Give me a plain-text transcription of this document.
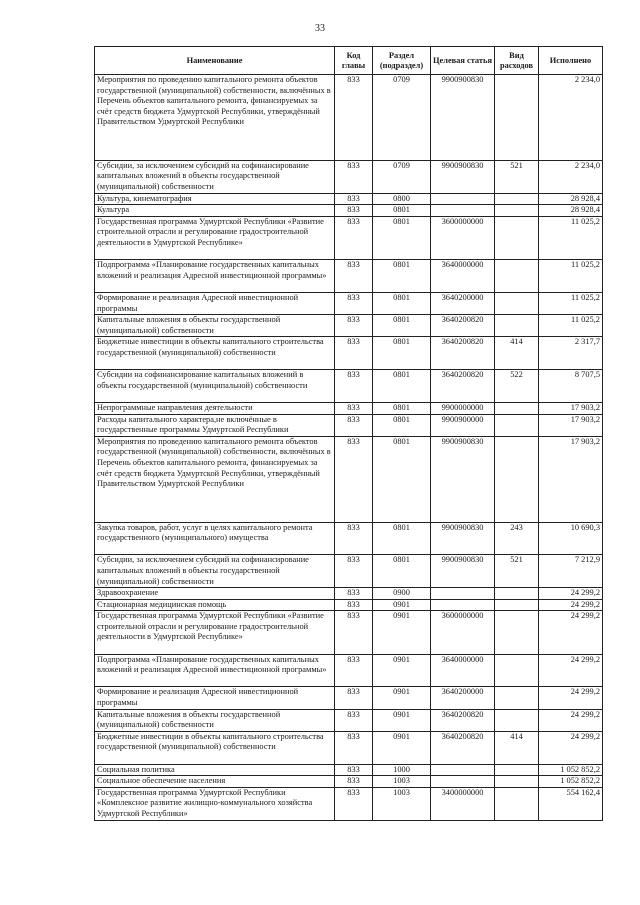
33
Наименование	Код главы	Раздел (подраздел)	Целевая статья	Вид расходов	Исполнено
Мероприятия по проведению капитального ремонта объектов государственной (муниципальной) собственности, включённых в Перечень объектов капитального ремонта, финансируемых за счёт средств бюджета Удмуртской Республики, утверждённый Правительством Удмуртской Республики	833	0709	9900900830		2 234,0
Субсидии, за исключением субсидий на софинансирование капитальных вложений в объекты государственной (муниципальной) собственности	833	0709	9900900830	521	2 234,0
Культура, кинематография	833	0800			28 928,4
Культура	833	0801			28 928,4
Государственная программа Удмуртской Республики «Развитие строительной отрасли и регулирование градостроительной деятельности в Удмуртской Республике»	833	0801	3600000000		11 025,2
Подпрограмма «Планирование государственных капитальных вложений и реализация Адресной инвестиционной программы»	833	0801	3640000000		11 025,2
Формирование и реализация Адресной инвестиционной программы	833	0801	3640200000		11 025,2
Капитальные вложения в объекты государственной (муниципальной) собственности	833	0801	3640200820		11 025,2
Бюджетные инвестиции в объекты капитального строительства государственной (муниципальной) собственности	833	0801	3640200820	414	2 317,7
Субсидии на софинансирование капитальных вложений в объекты государственной (муниципальной) собственности	833	0801	3640200820	522	8 707,5
Непрограммные направления деятельности	833	0801	9900000000		17 903,2
Расходы капитального характера,не включённые в государственные программы Удмуртской Республики	833	0801	9900900000		17 903,2
Мероприятия по проведению капитального ремонта объектов государственной (муниципальной) собственности, включённых в Перечень объектов капитального ремонта, финансируемых за счёт средств бюджета Удмуртской Республики, утверждённый Правительством Удмуртской Республики	833	0801	9900900830		17 903,2
Закупка товаров, работ, услуг в целях капитального ремонта государственного (муниципального) имущества	833	0801	9900900830	243	10 690,3
Субсидии, за исключением субсидий на софинансирование капитальных вложений в объекты государственной (муниципальной) собственности	833	0801	9900900830	521	7 212,9
Здравоохранение	833	0900			24 299,2
Стационарная медицинская помощь	833	0901			24 299,2
Государственная программа Удмуртской Республики «Развитие строительной отрасли и регулирование градостроительной деятельности в Удмуртской Республике»	833	0901	3600000000		24 299,2
Подпрограмма «Планирование государственных капитальных вложений и реализация Адресной инвестиционной программы»	833	0901	3640000000		24 299,2
Формирование и реализация Адресной инвестиционной программы	833	0901	3640200000		24 299,2
Капитальные вложения в объекты государственной (муниципальной) собственности	833	0901	3640200820		24 299,2
Бюджетные инвестиции в объекты капитального строительства государственной (муниципальной) собственности	833	0901	3640200820	414	24 299,2
Социальная политика	833	1000			1 052 852,2
Социальное обеспечение населения	833	1003			1 052 852,2
Государственная программа Удмуртской Республики «Комплексное развитие жилищно-коммунального хозяйства Удмуртской Республики»	833	1003	3400000000		554 162,4
